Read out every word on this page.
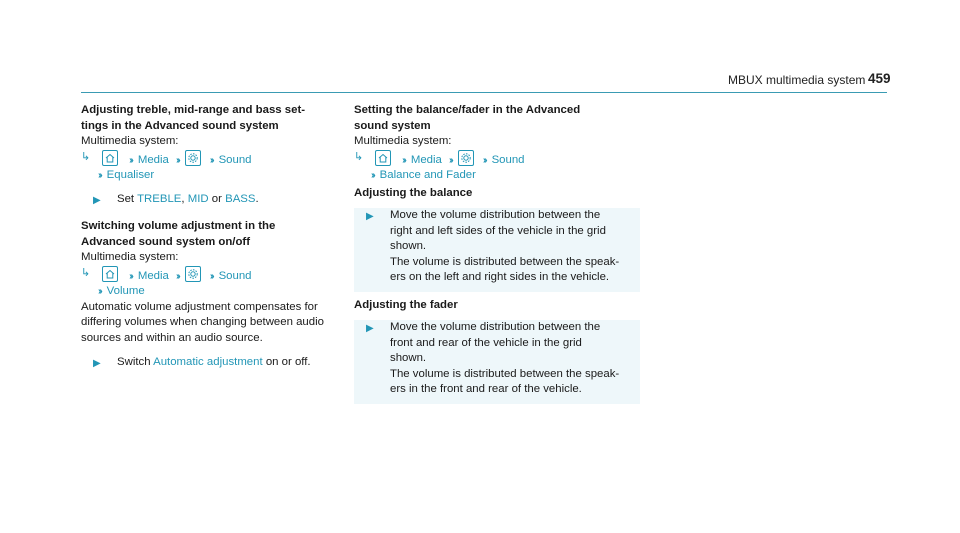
MBUX multimedia system 459
Adjusting treble, mid-range and bass set-
tings in the Advanced sound system
Multimedia system:
↳	›› Media ››	›› Sound
›› Equaliser
▶ Set TREBLE, MID or BASS.
Switching volume adjustment in the
Advanced sound system on/off
Multimedia system:
↳	›› Media ››	›› Sound
›› Volume
Automatic volume adjustment compensates for
differing volumes when changing between audio
sources and within an audio source.
▶ Switch Automatic adjustment on or off.
Setting the balance/fader in the Advanced
sound system
Multimedia system:
↳	›› Media ››	›› Sound
›› Balance and Fader
Adjusting the balance
▶ Move the volume distribution between the
right and left sides of the vehicle in the grid
shown.
The volume is distributed between the speak-
ers on the left and right sides in the vehicle.
Adjusting the fader
▶ Move the volume distribution between the
front and rear of the vehicle in the grid
shown.
The volume is distributed between the speak-
ers in the front and rear of the vehicle.
